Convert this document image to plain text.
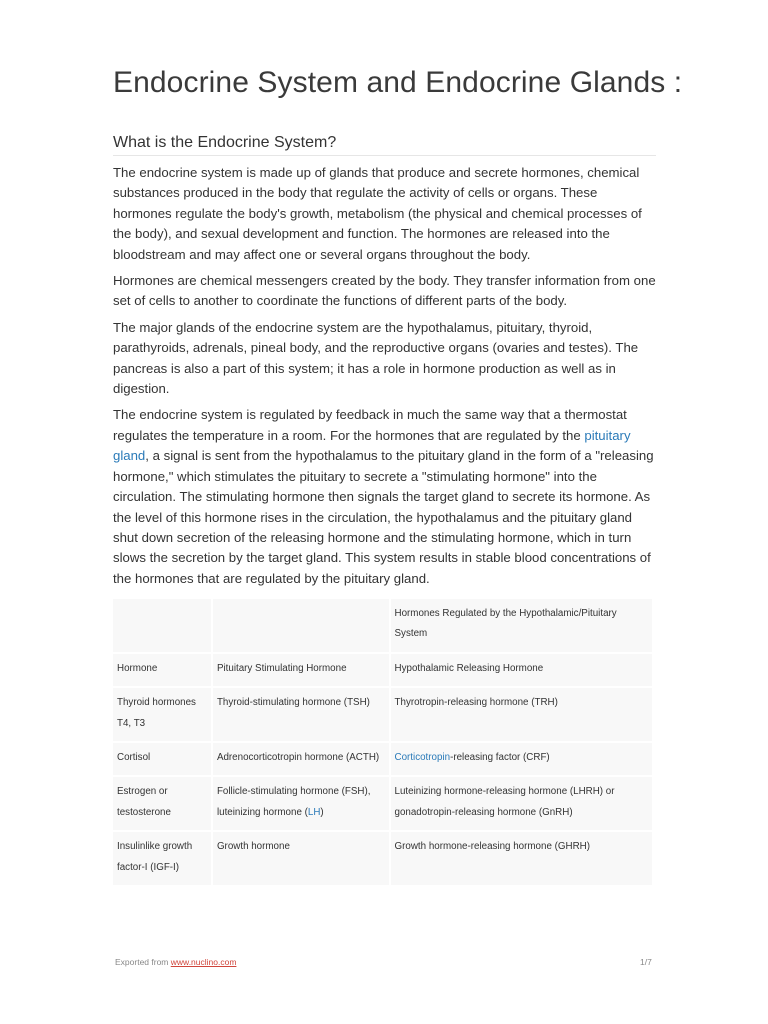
Endocrine System and Endocrine Glands :
What is the Endocrine System?

The endocrine system is made up of glands that produce and secrete hormones, chemical substances produced in the body that regulate the activity of cells or organs. These hormones regulate the body's growth, metabolism (the physical and chemical processes of the body), and sexual development and function. The hormones are released into the bloodstream and may affect one or several organs throughout the body.

Hormones are chemical messengers created by the body. They transfer information from one set of cells to another to coordinate the functions of different parts of the body.

The major glands of the endocrine system are the hypothalamus, pituitary, thyroid, parathyroids, adrenals, pineal body, and the reproductive organs (ovaries and testes). The pancreas is also a part of this system; it has a role in hormone production as well as in digestion.

The endocrine system is regulated by feedback in much the same way that a thermostat regulates the temperature in a room. For the hormones that are regulated by the pituitary gland, a signal is sent from the hypothalamus to the pituitary gland in the form of a "releasing hormone," which stimulates the pituitary to secrete a "stimulating hormone" into the circulation. The stimulating hormone then signals the target gland to secrete its hormone. As the level of this hormone rises in the circulation, the hypothalamus and the pituitary gland shut down secretion of the releasing hormone and the stimulating hormone, which in turn slows the secretion by the target gland. This system results in stable blood concentrations of the hormones that are regulated by the pituitary gland.

		Hormones Regulated by the Hypothalamic/Pituitary System
Hormone	Pituitary Stimulating Hormone	Hypothalamic Releasing Hormone
Thyroid hormones T4, T3	Thyroid-stimulating hormone (TSH)	Thyrotropin-releasing hormone (TRH)
Cortisol	Adrenocorticotropin hormone (ACTH)	Corticotropin-releasing factor (CRF)
Estrogen or testosterone	Follicle-stimulating hormone (FSH), luteinizing hormone (LH)	Luteinizing hormone-releasing hormone (LHRH) or gonadotropin-releasing hormone (GnRH)
Insulinlike growth factor-I (IGF-I)	Growth hormone	Growth hormone-releasing hormone (GHRH)
Exported from www.nuclino.com	1/7
